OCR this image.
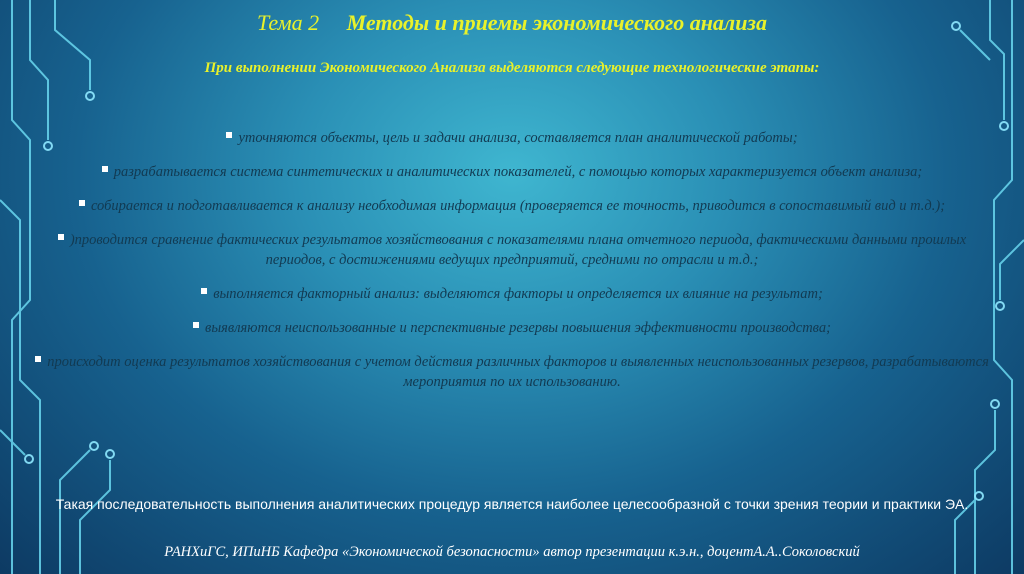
Тема 2 Методы и приемы экономического анализа
При выполнении Экономического Анализа выделяются следующие технологические этапы:
уточняются объекты, цель и задачи анализа, составляется план аналитической работы;
разрабатывается система синтетических и аналитических показателей, с помощью которых характеризуется объект анализа;
собирается и подготавливается к анализу необходимая информация (проверяется ее точность, приводится в сопоставимый вид и т.д.);
)проводится сравнение фактических результатов хозяйствования с показателями плана отчетного периода, фактическими данными прошлых периодов, с достижениями ведущих предприятий, средними по отрасли и т.д.;
выполняется факторный анализ: выделяются факторы и определяется их влияние на результат;
выявляются неиспользованные и перспективные резервы повышения эффективности производства;
происходит оценка результатов хозяйствования с учетом действия различных факторов и выявленных неиспользованных резервов, разрабатываются мероприятия по их использованию.
Такая последовательность выполнения аналитических процедур является наиболее целесообразной с точки зрения теории и практики ЭА.
РАНХиГС, ИПиНБ Кафедра «Экономической безопасности» автор презентации к.э.н., доцентА.А..Соколовский
